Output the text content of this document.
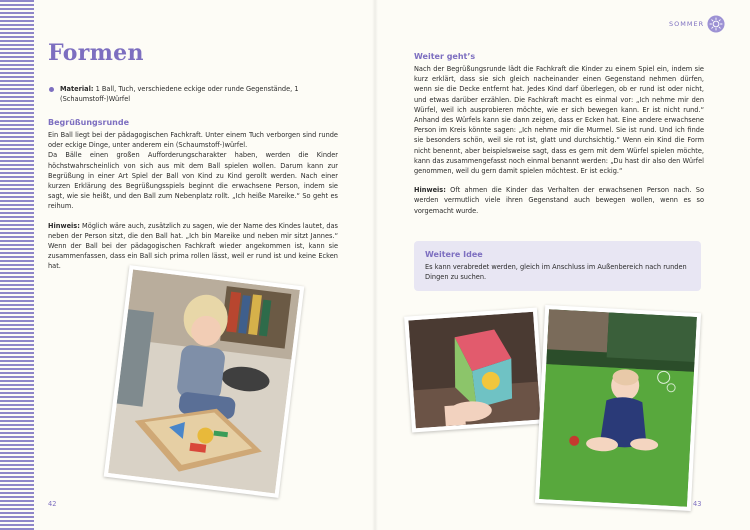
SOMMER
Formen
Material: 1 Ball, Tuch, verschiedene eckige oder runde Gegenstände, 1 (Schaumstoff-)Würfel
Begrüßungsrunde

Ein Ball liegt bei der pädagogischen Fachkraft. Unter einem Tuch verborgen sind runde oder eckige Dinge, unter anderem ein (Schaumstoff-)würfel.

Da Bälle einen großen Aufforderungscharakter haben, werden die Kinder höchstwahrscheinlich von sich aus mit dem Ball spielen wollen. Darum kann zur Begrüßung in einer Art Spiel der Ball von Kind zu Kind gerollt werden. Nach einer kurzen Erklärung des Begrüßungsspiels beginnt die erwachsene Person, indem sie sagt, wie sie heißt, und den Ball zum Nebenplatz rollt. „Ich heiße Mareike.“ So geht es reihum.

Hinweis: Möglich wäre auch, zusätzlich zu sagen, wie der Name des Kindes lautet, das neben der Person sitzt, die den Ball hat. „Ich bin Mareike und neben mir sitzt Jannes.“ Wenn der Ball bei der pädagogischen Fachkraft wieder angekommen ist, kann sie zusammenfassen, dass ein Ball sich prima rollen lässt, weil er rund ist und keine Ecken hat.

42
Weiter geht’s

Nach der Begrüßungsrunde lädt die Fachkraft die Kinder zu einem Spiel ein, indem sie kurz erklärt, dass sie sich gleich nacheinander einen Gegenstand nehmen dürfen, wenn sie die Decke entfernt hat. Jedes Kind darf überlegen, ob er rund ist oder nicht, und etwas darüber erzählen. Die Fachkraft macht es einmal vor: „Ich nehme mir den Würfel, weil ich ausprobieren möchte, wie er sich bewegen kann. Er ist nicht rund.“ Anhand des Würfels kann sie dann zeigen, dass er Ecken hat. Eine andere erwachsene Person im Kreis könnte sagen: „Ich nehme mir die Murmel. Sie ist rund. Und ich finde sie besonders schön, weil sie rot ist, glatt und durchsichtig.“ Wenn ein Kind die Form nicht benennt, aber beispielsweise sagt, dass es gern mit dem Würfel spielen möchte, kann das zusammengefasst noch einmal benannt werden: „Du hast dir also den Würfel genommen, weil du gern damit spielen möchtest. Er ist eckig.“

Hinweis: Oft ahmen die Kinder das Verhalten der erwachsenen Person nach. So werden vermutlich viele ihren Gegenstand auch bewegen wollen, wenn es so vorgemacht wurde.

Weitere Idee
Es kann verabredet werden, gleich im Anschluss im Außenbereich nach runden Dingen zu suchen.
43
